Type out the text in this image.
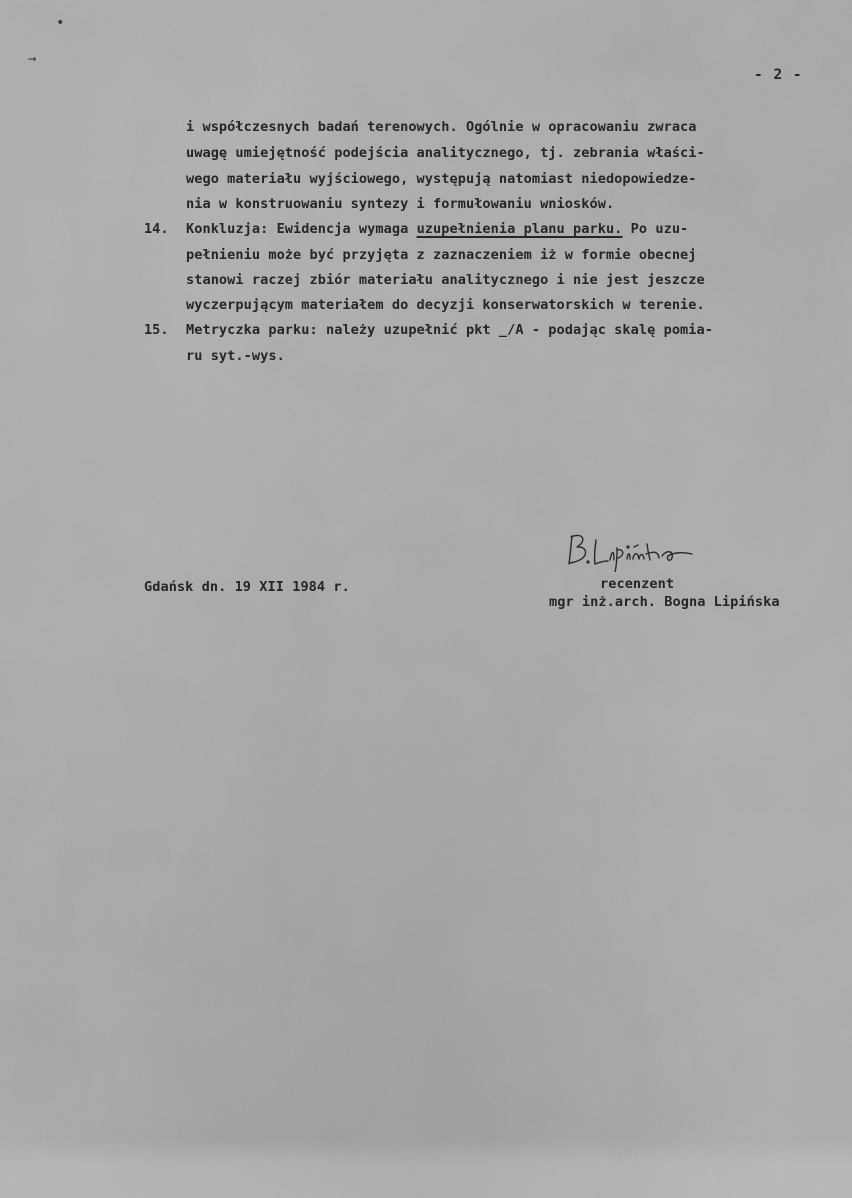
•
→
- 2 -
i współczesnych badań terenowych. Ogólnie w opracowaniu zwraca
uwagę umiejętność podejścia analitycznego, tj. zebrania właści-
wego materiału wyjściowego, występują natomiast niedopowiedze-
nia w konstruowaniu syntezy i formułowaniu wniosków.
14. Konkluzja: Ewidencja wymaga uzupełnienia planu parku. Po uzu-
pełnieniu może być przyjęta z zaznaczeniem iż w formie obecnej
stanowi raczej zbiór materiału analitycznego i nie jest jeszcze
wyczerpującym materiałem do decyzji konserwatorskich w terenie.
15. Metryczka parku: należy uzupełnić pkt _/A - podając skalę pomia-
ru syt.-wys.
Gdańsk dn. 19 XII 1984 r.	recenzent
mgr inż.arch. Bogna Lipińska
